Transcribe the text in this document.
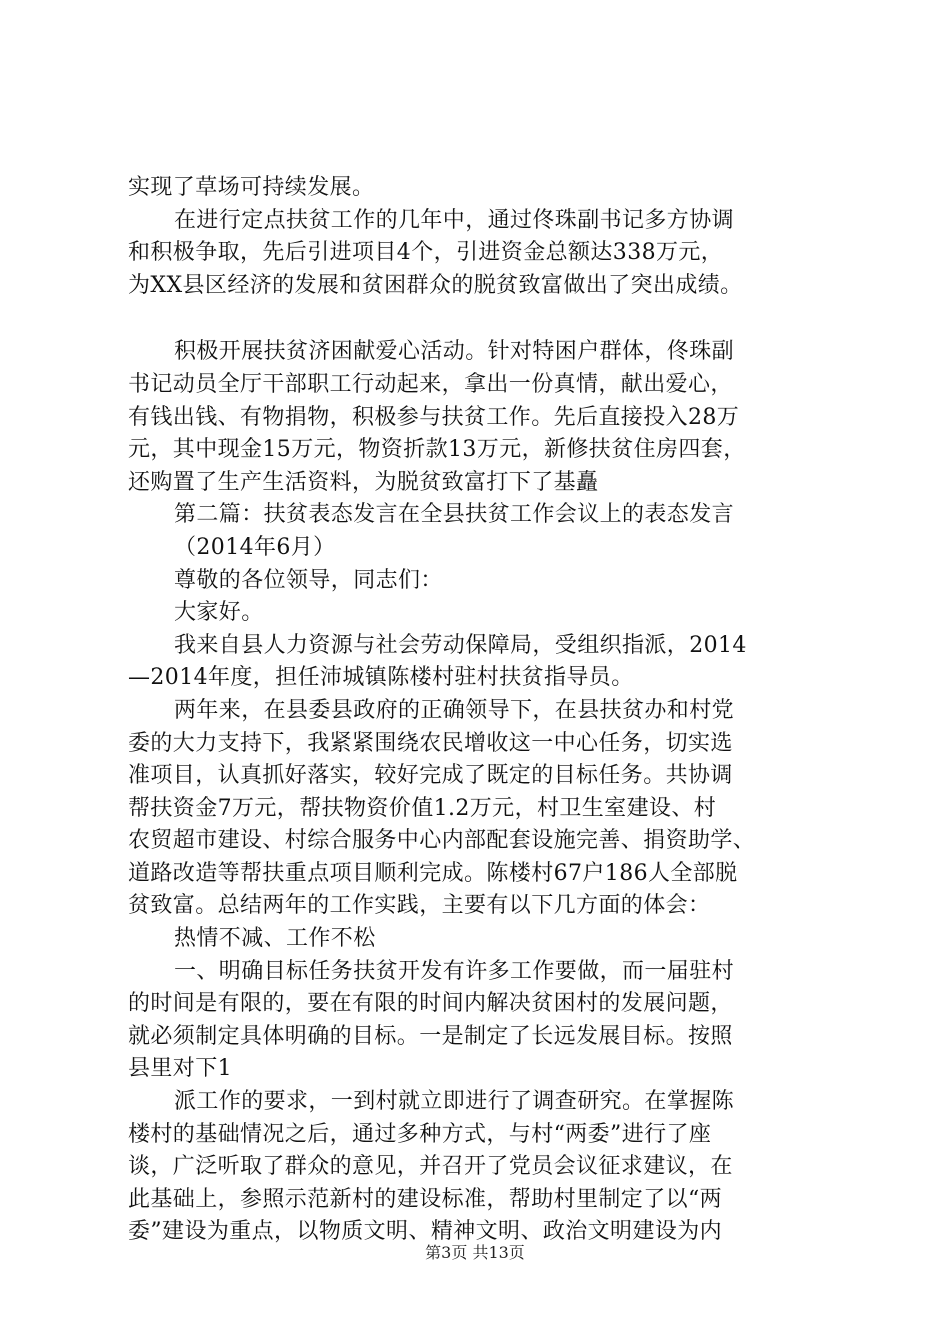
实现了草场可持续发展。
在进行定点扶贫工作的几年中，通过佟珠副书记多方协调
和积极争取，先后引进项目4个，引进资金总额达338万元，
为XX县区经济的发展和贫困群众的脱贫致富做出了突出成绩。
积极开展扶贫济困献爱心活动。针对特困户群体，佟珠副
书记动员全厅干部职工行动起来，拿出一份真情，献出爱心，
有钱出钱、有物捐物，积极参与扶贫工作。先后直接投入28万
元，其中现金15万元，物资折款13万元，新修扶贫住房四套，
还购置了生产生活资料，为脱贫致富打下了基矗
第二篇：扶贫表态发言在全县扶贫工作会议上的表态发言
（2014年6月）
尊敬的各位领导，同志们：
大家好。
我来自县人力资源与社会劳动保障局，受组织指派，2014
—2014年度，担任沛城镇陈楼村驻村扶贫指导员。
两年来，在县委县政府的正确领导下，在县扶贫办和村党
委的大力支持下，我紧紧围绕农民增收这一中心任务，切实选
准项目，认真抓好落实，较好完成了既定的目标任务。共协调
帮扶资金7万元，帮扶物资价值1.2万元，村卫生室建设、村
农贸超市建设、村综合服务中心内部配套设施完善、捐资助学、
道路改造等帮扶重点项目顺利完成。陈楼村67户186人全部脱
贫致富。总结两年的工作实践，主要有以下几方面的体会：
热情不减、工作不松
一、明确目标任务扶贫开发有许多工作要做，而一届驻村
的时间是有限的，要在有限的时间内解决贫困村的发展问题，
就必须制定具体明确的目标。一是制定了长远发展目标。按照
县里对下1
派工作的要求，一到村就立即进行了调查研究。在掌握陈
楼村的基础情况之后，通过多种方式，与村“两委”进行了座
谈，广泛听取了群众的意见，并召开了党员会议征求建议，在
此基础上，参照示范新村的建设标准，帮助村里制定了以“两
委”建设为重点，以物质文明、精神文明、政治文明建设为内
第3页 共13页
